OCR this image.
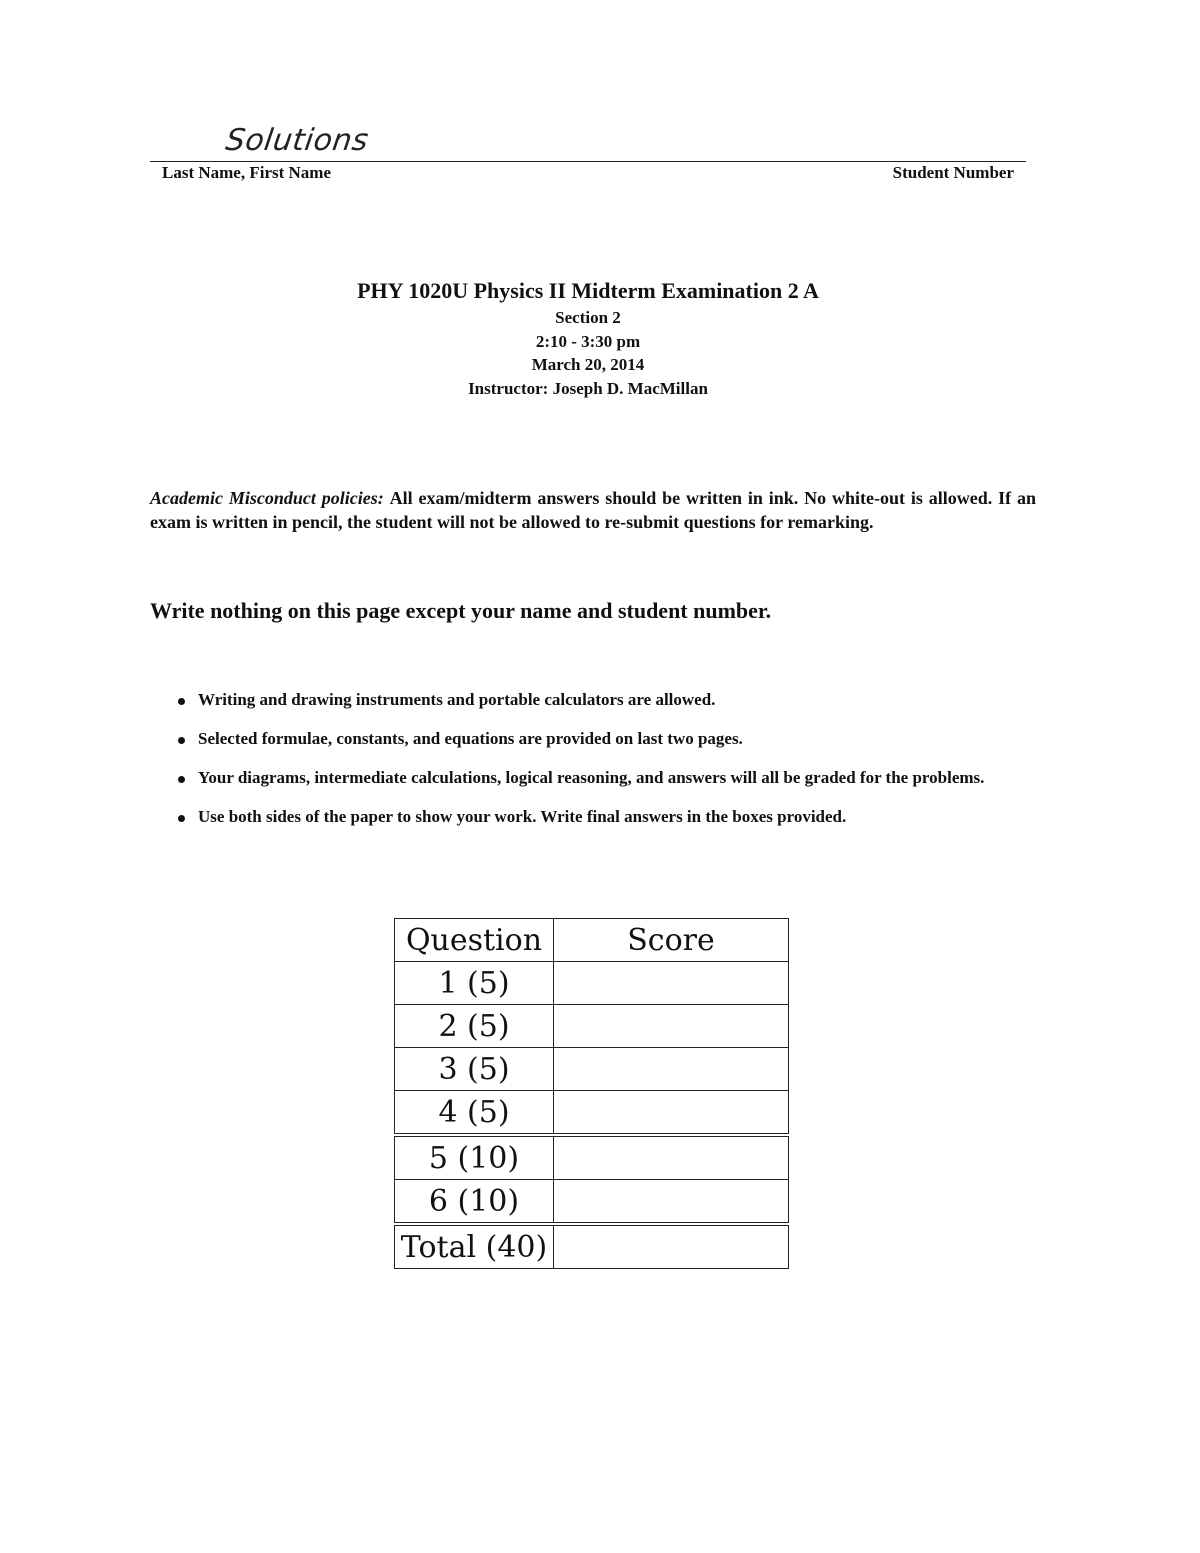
Solutions
Last Name, First Name	Student Number
PHY 1020U Physics II Midterm Examination 2 A
Section 2
2:10 - 3:30 pm
March 20, 2014
Instructor: Joseph D. MacMillan
Academic Misconduct policies: All exam/midterm answers should be written in ink. No white-out is allowed. If an exam is written in pencil, the student will not be allowed to re-submit questions for remarking.
Write nothing on this page except your name and student number.
Writing and drawing instruments and portable calculators are allowed.
Selected formulae, constants, and equations are provided on last two pages.
Your diagrams, intermediate calculations, logical reasoning, and answers will all be graded for the problems.
Use both sides of the paper to show your work. Write final answers in the boxes provided.
Question	Score
1 (5)	
2 (5)	
3 (5)	
4 (5)	
5 (10)	
6 (10)	
Total (40)	
